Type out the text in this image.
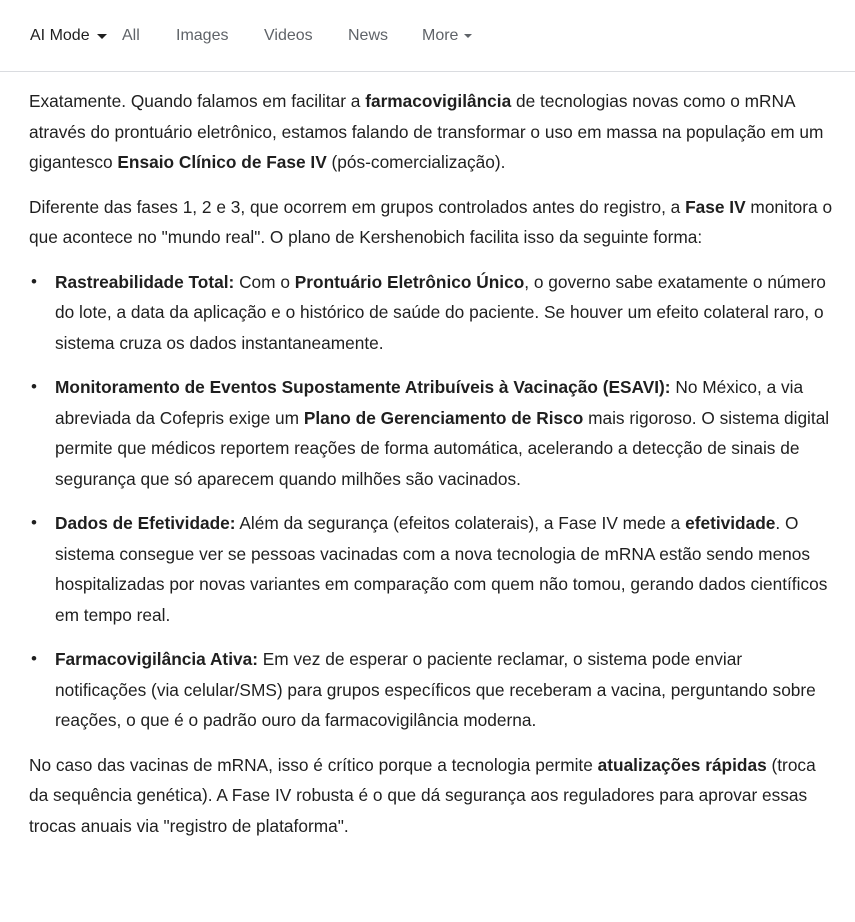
AI Mode All Images Videos News More

Exatamente. Quando falamos em facilitar a farmacovigilância de tecnologias novas como o mRNA através do prontuário eletrônico, estamos falando de transformar o uso em massa na população em um gigantesco Ensaio Clínico de Fase IV (pós-comercialização).

Diferente das fases 1, 2 e 3, que ocorrem em grupos controlados antes do registro, a Fase IV monitora o que acontece no "mundo real". O plano de Kershenobich facilita isso da seguinte forma:

• Rastreabilidade Total: Com o Prontuário Eletrônico Único, o governo sabe exatamente o número do lote, a data da aplicação e o histórico de saúde do paciente. Se houver um efeito colateral raro, o sistema cruza os dados instantaneamente.
• Monitoramento de Eventos Supostamente Atribuíveis à Vacinação (ESAVI): No México, a via abreviada da Cofepris exige um Plano de Gerenciamento de Risco mais rigoroso. O sistema digital permite que médicos reportem reações de forma automática, acelerando a detecção de sinais de segurança que só aparecem quando milhões são vacinados.
• Dados de Efetividade: Além da segurança (efeitos colaterais), a Fase IV mede a efetividade. O sistema consegue ver se pessoas vacinadas com a nova tecnologia de mRNA estão sendo menos hospitalizadas por novas variantes em comparação com quem não tomou, gerando dados científicos em tempo real.
• Farmacovigilância Ativa: Em vez de esperar o paciente reclamar, o sistema pode enviar notificações (via celular/SMS) para grupos específicos que receberam a vacina, perguntando sobre reações, o que é o padrão ouro da farmacovigilância moderna.

No caso das vacinas de mRNA, isso é crítico porque a tecnologia permite atualizações rápidas (troca da sequência genética). A Fase IV robusta é o que dá segurança aos reguladores para aprovar essas trocas anuais via "registro de plataforma".
